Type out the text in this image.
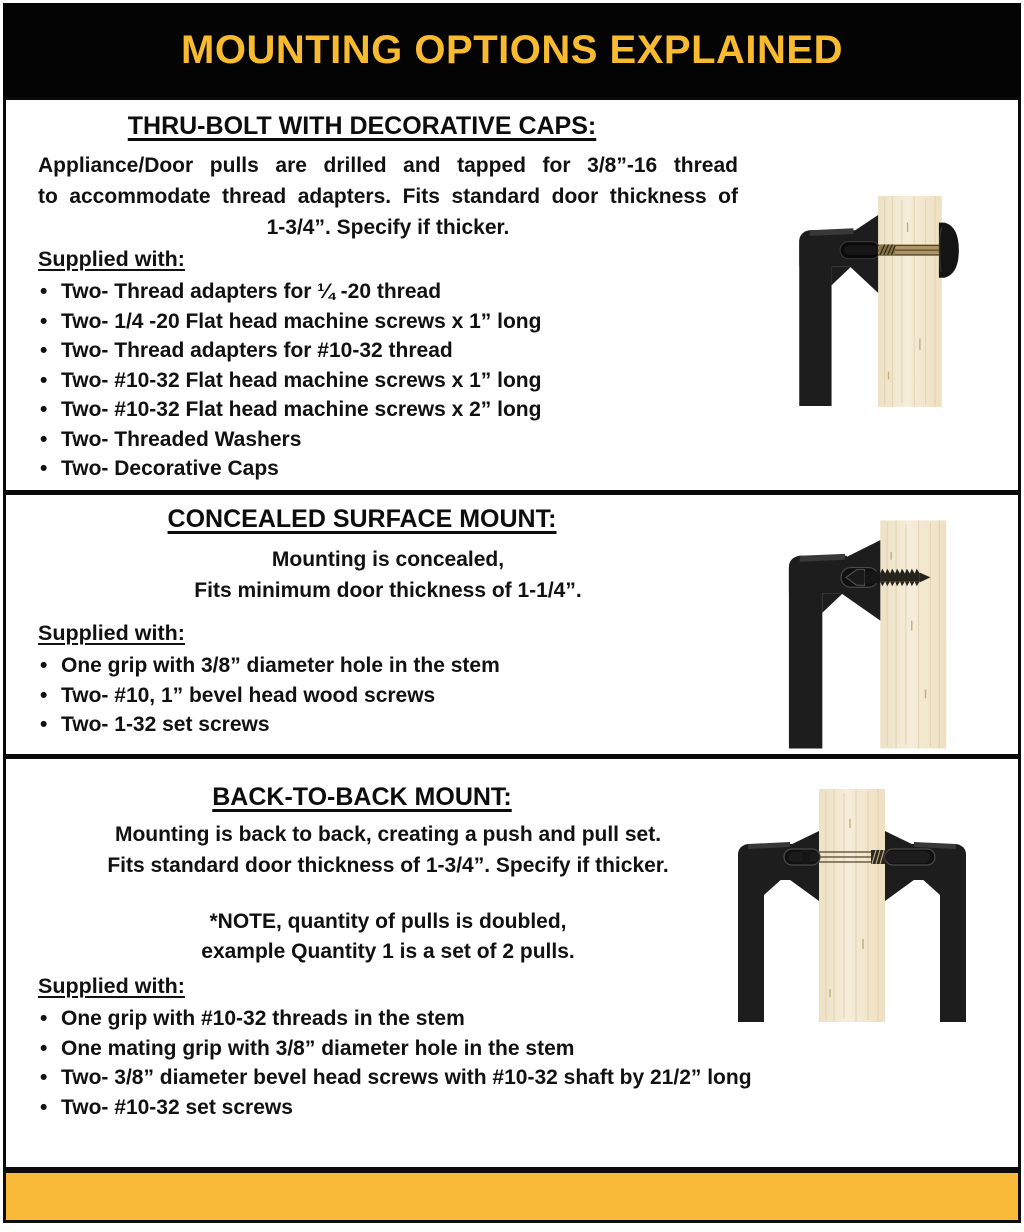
MOUNTING OPTIONS EXPLAINED
THRU-BOLT WITH DECORATIVE CAPS:
Appliance/Door pulls are drilled and tapped for 3/8”-16 thread
to accommodate thread adapters. Fits standard door thickness of
1-3/4”. Specify if thicker.
Supplied with:
• Two- Thread adapters for ¼ -20 thread
• Two- 1/4 -20 Flat head machine screws x 1” long
• Two- Thread adapters for #10-32 thread
• Two- #10-32 Flat head machine screws x 1” long
• Two- #10-32 Flat head machine screws x 2” long
• Two- Threaded Washers
• Two- Decorative Caps
CONCEALED SURFACE MOUNT:
Mounting is concealed,
Fits minimum door thickness of 1-1/4”.
Supplied with:
• One grip with 3/8” diameter hole in the stem
• Two- #10, 1” bevel head wood screws
• Two- 1-32 set screws
BACK-TO-BACK MOUNT:
Mounting is back to back, creating a push and pull set.
Fits standard door thickness of 1-3/4”. Specify if thicker.
*NOTE, quantity of pulls is doubled,
example Quantity 1 is a set of 2 pulls.
Supplied with:
• One grip with #10-32 threads in the stem
• One mating grip with 3/8” diameter hole in the stem
• Two- 3/8” diameter bevel head screws with #10-32 shaft by 21/2” long
• Two- #10-32 set screws
